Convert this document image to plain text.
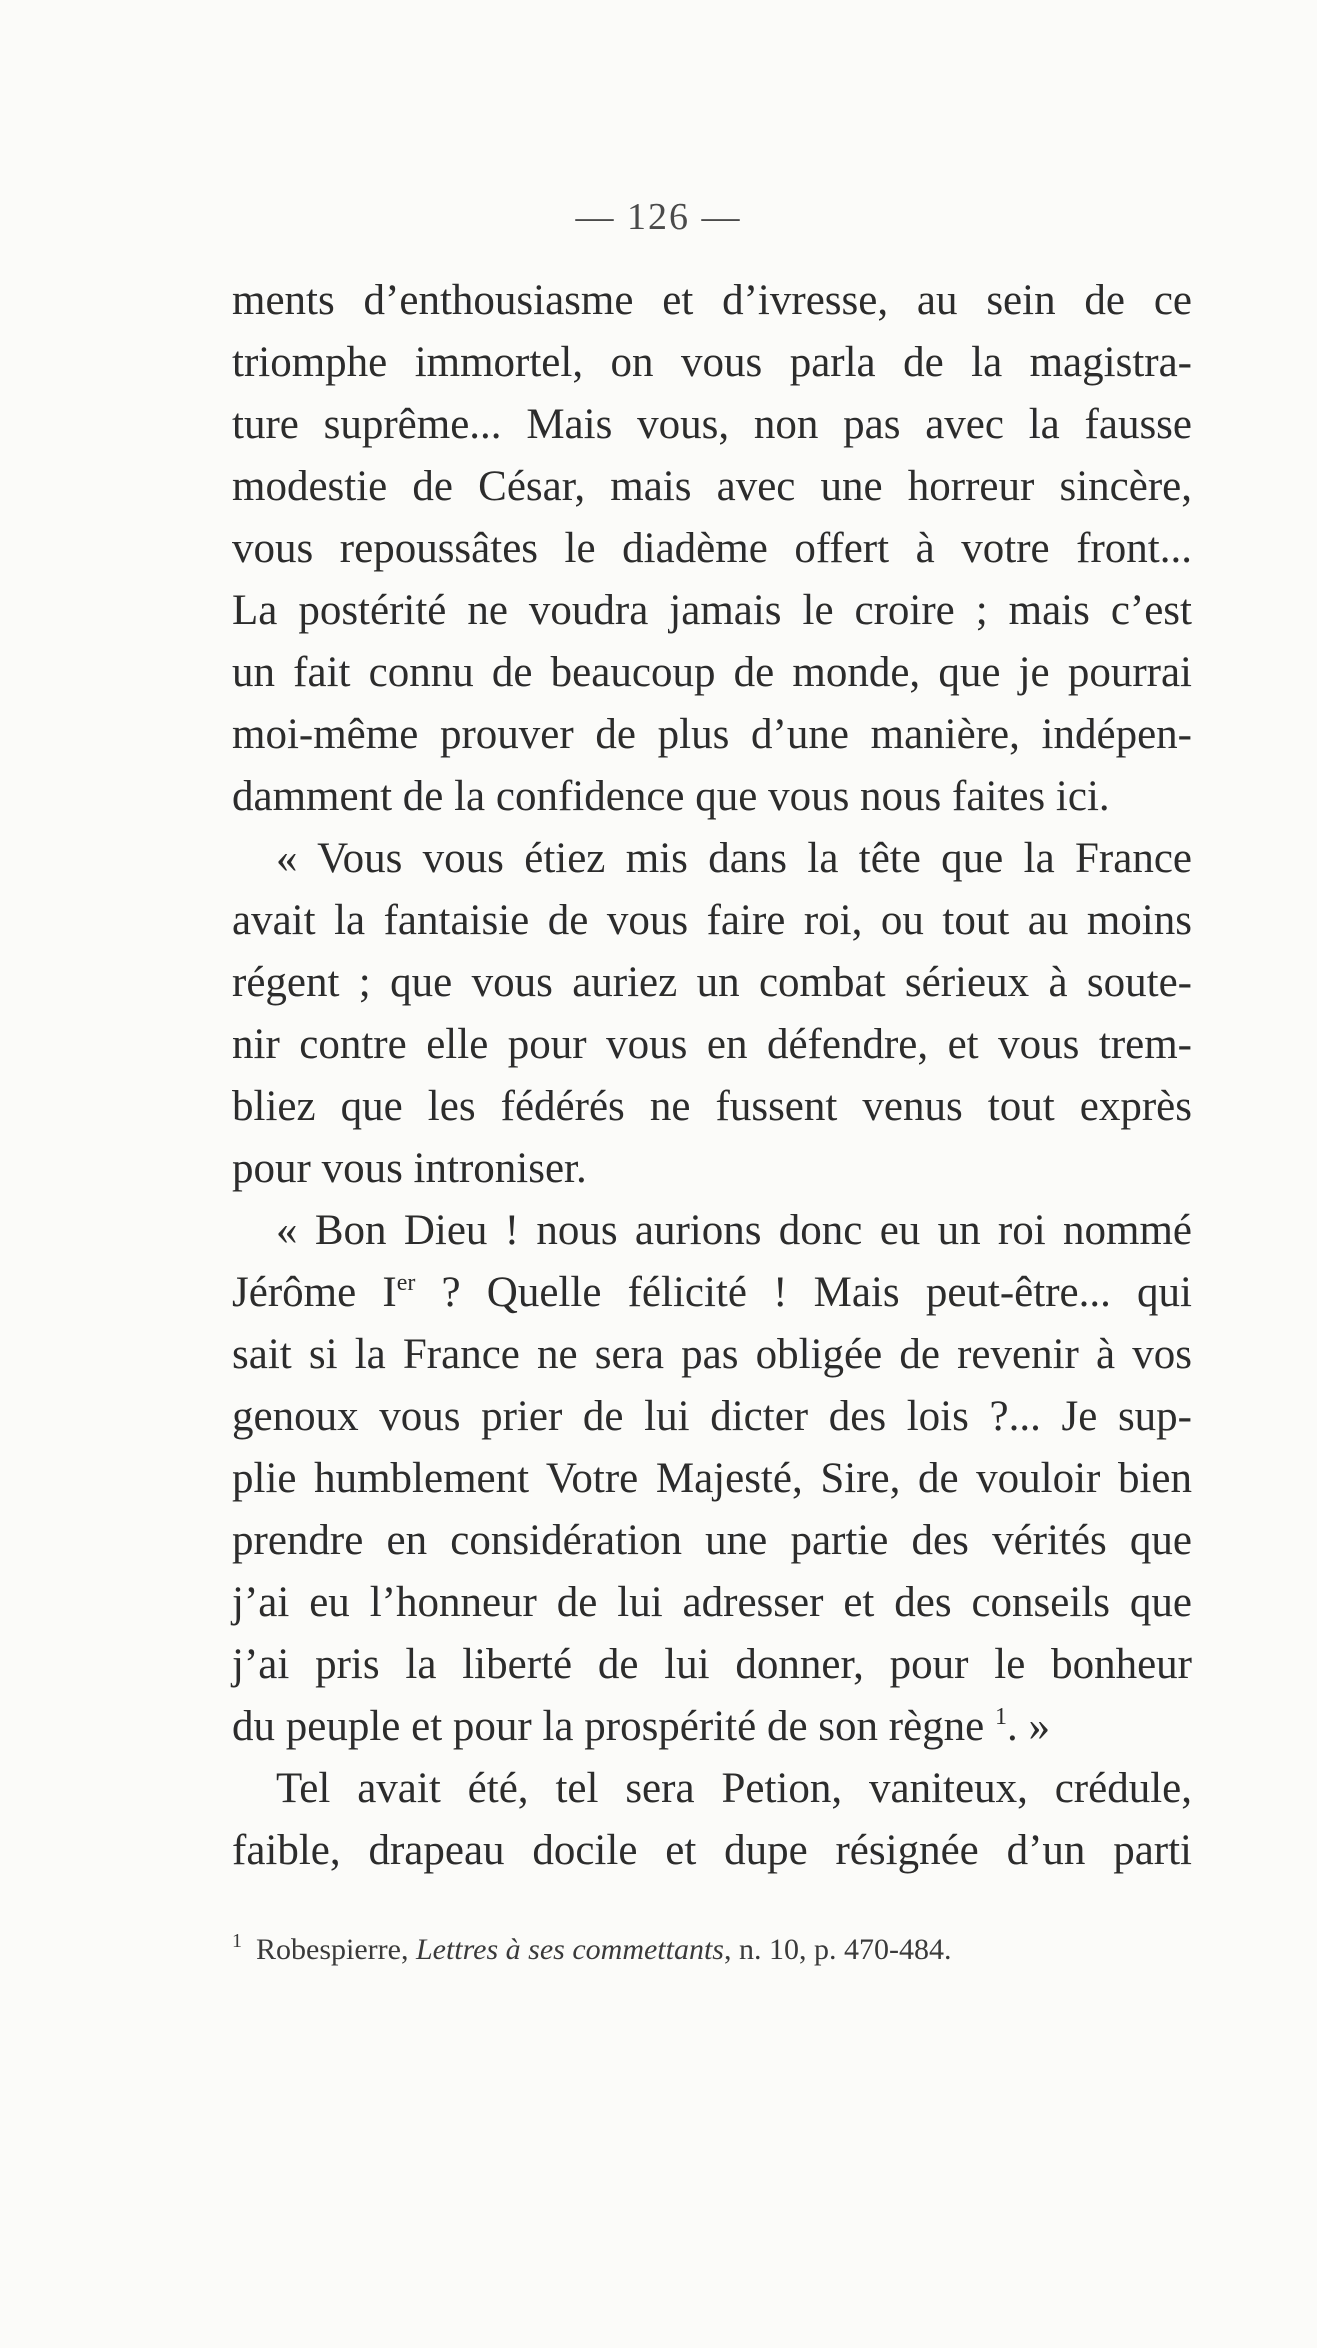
— 126 —
ments d’enthousiasme et d’ivresse, au sein de ce
triomphe immortel, on vous parla de la magistra-
ture suprême... Mais vous, non pas avec la fausse
modestie de César, mais avec une horreur sincère,
vous repoussâtes le diadème offert à votre front...
La postérité ne voudra jamais le croire ; mais c’est
un fait connu de beaucoup de monde, que je pourrai
moi-même prouver de plus d’une manière, indépen-
damment de la confidence que vous nous faites ici.
« Vous vous étiez mis dans la tête que la France
avait la fantaisie de vous faire roi, ou tout au moins
régent ; que vous auriez un combat sérieux à soute-
nir contre elle pour vous en défendre, et vous trem-
bliez que les fédérés ne fussent venus tout exprès
pour vous introniser.
« Bon Dieu ! nous aurions donc eu un roi nommé
Jérôme Ier ? Quelle félicité ! Mais peut-être... qui
sait si la France ne sera pas obligée de revenir à vos
genoux vous prier de lui dicter des lois ?... Je sup-
plie humblement Votre Majesté, Sire, de vouloir bien
prendre en considération une partie des vérités que
j’ai eu l’honneur de lui adresser et des conseils que
j’ai pris la liberté de lui donner, pour le bonheur
du peuple et pour la prospérité de son règne $^1$. »
Tel avait été, tel sera Petion, vaniteux, crédule,
faible, drapeau docile et dupe résignée d’un parti
$^1$ Robespierre, Lettres à ses commettants, n. 10, p. 470-484.
